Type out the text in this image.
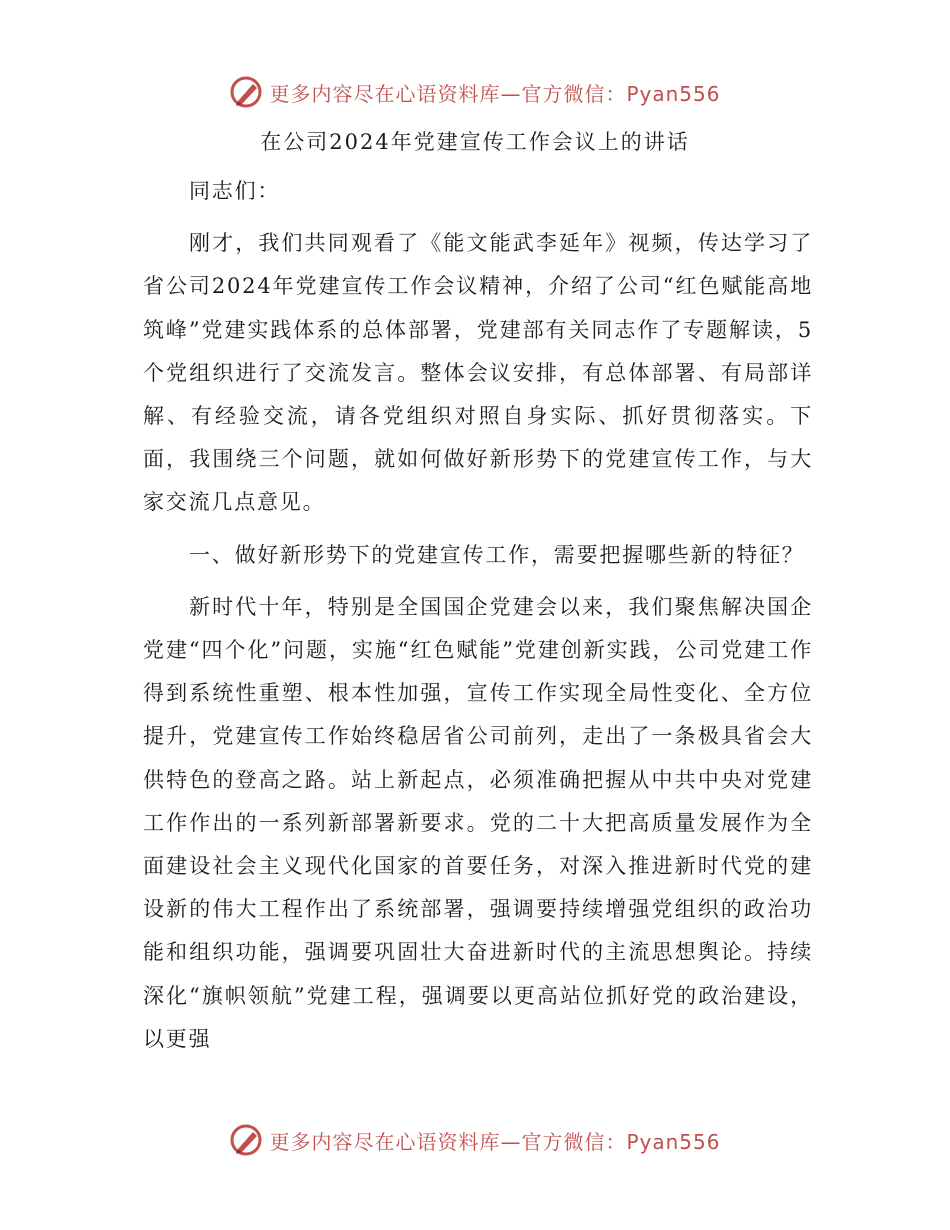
更多内容尽在心语资料库—官方微信：Pyan556
在公司2024年党建宣传工作会议上的讲话

同志们：

刚才，我们共同观看了《能文能武李延年》视频，传达学习了省公司2024年党建宣传工作会议精神，介绍了公司“红色赋能高地筑峰”党建实践体系的总体部署，党建部有关同志作了专题解读，5个党组织进行了交流发言。整体会议安排，有总体部署、有局部详解、有经验交流，请各党组织对照自身实际、抓好贯彻落实。下面，我围绕三个问题，就如何做好新形势下的党建宣传工作，与大家交流几点意见。

一、做好新形势下的党建宣传工作，需要把握哪些新的特征？

新时代十年，特别是全国国企党建会以来，我们聚焦解决国企党建“四个化”问题，实施“红色赋能”党建创新实践，公司党建工作得到系统性重塑、根本性加强，宣传工作实现全局性变化、全方位提升，党建宣传工作始终稳居省公司前列，走出了一条极具省会大供特色的登高之路。站上新起点，必须准确把握从中共中央对党建工作作出的一系列新部署新要求。党的二十大把高质量发展作为全面建设社会主义现代化国家的首要任务，对深入推进新时代党的建设新的伟大工程作出了系统部署，强调要持续增强党组织的政治功能和组织功能，强调要巩固壮大奋进新时代的主流思想舆论。持续深化“旗帜领航”党建工程，强调要以更高站位抓好党的政治建设，以更强

更多内容尽在心语资料库—官方微信：Pyan556
